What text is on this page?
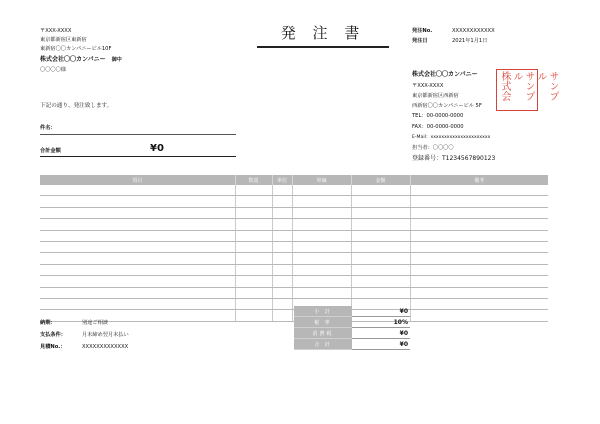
〒XXX-XXXX
東京都新宿区東新宿
東新宿〇〇カンパニービル10F
株式会社〇〇カンパニー 御中
〇〇〇〇様
下記の通り、発注致します。
件名：
合計金額	¥0
発 注 書	発注No.	XXXXXXXXXXXX
発注日	2021年1月1日
株式会社〇〇カンパニー
〒XXX-XXXX
東京都新宿区西新宿
西新宿〇〇カンパニービル 5F
TEL：00-0000-0000
FAX：00-0000-0000
E-Mail：xxxxxxxxxxxxxxxxxxxxxx
担当者：〇〇〇〇
登録番号：T1234567890123
サンプル
サンプル
株式会
項目	数量	単位	単価	金額	備考

納期：	別途ご相談
支払条件：	月末締め翌月末払い
見積No.：	XXXXXXXXXXXXX
小 計	¥0
税 率	10%
消費税	¥0
合 計	¥0
